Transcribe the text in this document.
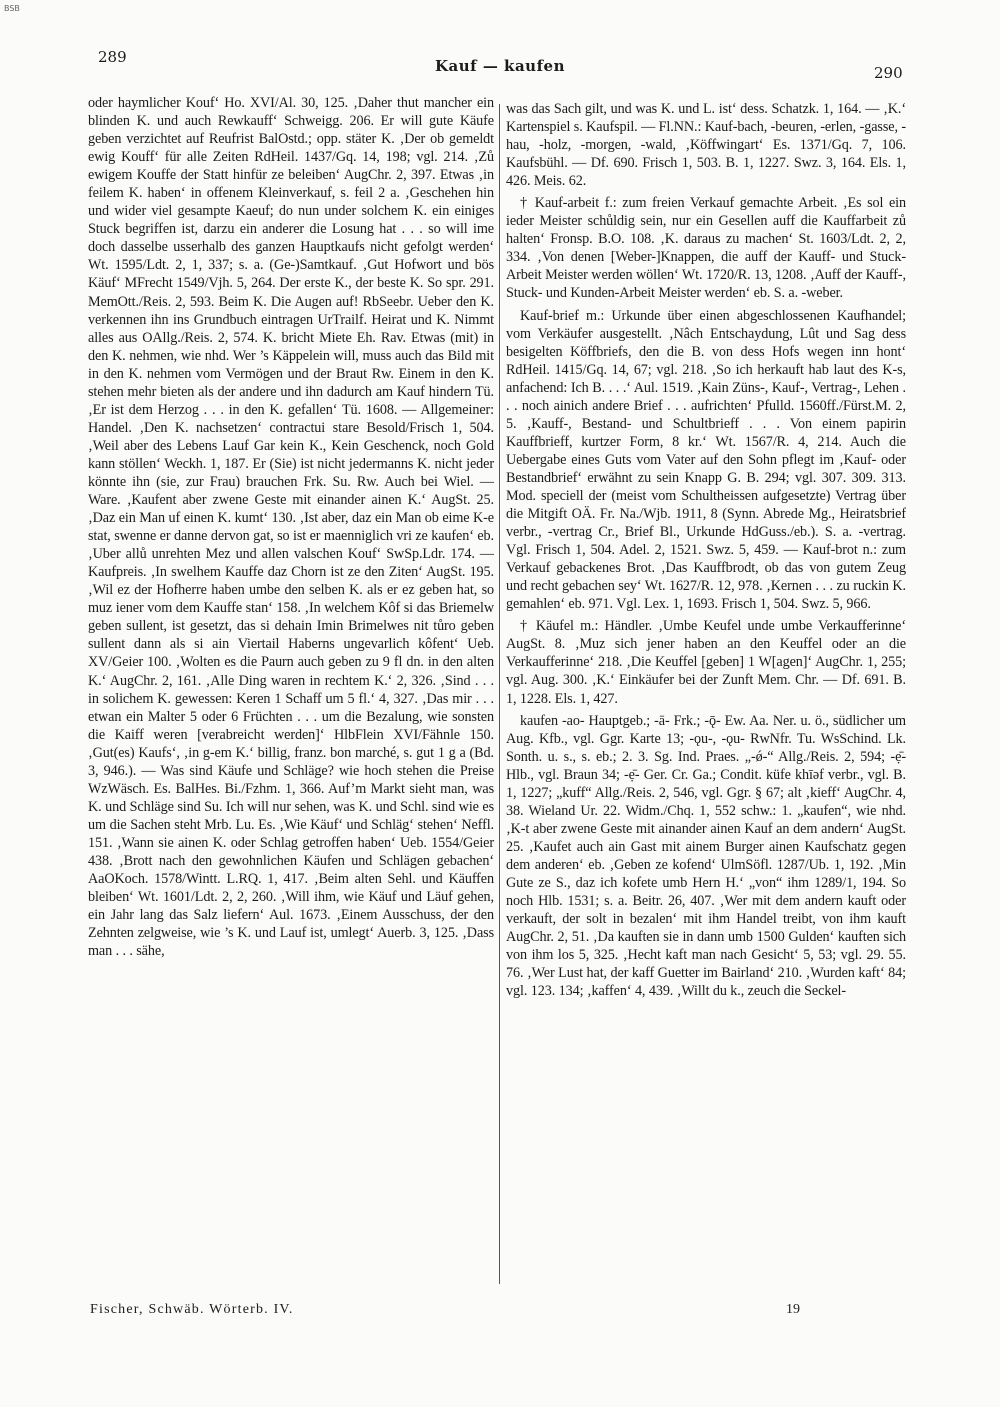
BSB
289	Kauf — kaufen	290

oder haymlicher Kouf‘ Ho. XVI/Al. 30, 125. ‚Daher thut mancher ein blinden K. und auch Rewkauff‘ Schweigg. 206. Er will gute Käufe geben verzichtet auf Reufrist BalOstd.; opp. stäter K. ‚Der ob gemeldt ewig Kouff‘ für alle Zeiten RdHeil. 1437/Gq. 14, 198; vgl. 214. ‚Zů ewigem Kouffe der Statt hinfür ze beleiben‘ AugChr. 2, 397. Etwas ‚in feilem K. haben‘ in offenem Kleinverkauf, s. feil 2 a. ‚Geschehen hin und wider viel gesampte Kaeuf; do nun under solchem K. ein einiges Stuck begriffen ist, darzu ein anderer die Losung hat . . . so will ime doch dasselbe usserhalb des ganzen Hauptkaufs nicht gefolgt werden‘ Wt. 1595/Ldt. 2, 1, 337; s. a. (Ge-)Samtkauf. ‚Gut Hofwort und bös Käuf‘ MFrecht 1549/Vjh. 5, 264. Der erste K., der beste K. So spr. 291. MemOtt./Reis. 2, 593. Beim K. Die Augen auf! RbSeebr. Ueber den K. verkennen ihn ins Grundbuch eintragen UrTrailf. Heirat und K. Nimmt alles aus OAllg./Reis. 2, 574. K. bricht Miete Eh. Rav. Etwas (mit) in den K. nehmen, wie nhd. Wer ’s Käppelein will, muss auch das Bild mit in den K. nehmen vom Vermögen und der Braut Rw. Einem in den K. stehen mehr bieten als der andere und ihn dadurch am Kauf hindern Tü. ‚Er ist dem Herzog . . . in den K. gefallen‘ Tü. 1608. — Allgemeiner: Handel. ‚Den K. nachsetzen‘ contractui stare Besold/Frisch 1, 504. ‚Weil aber des Lebens Lauf Gar kein K., Kein Geschenck, noch Gold kann stöllen‘ Weckh. 1, 187. Er (Sie) ist nicht jedermanns K. nicht jeder könnte ihn (sie, zur Frau) brauchen Frk. Su. Rw. Auch bei Wiel. — Ware. ‚Kaufent aber zwene Geste mit einander ainen K.‘ AugSt. 25. ‚Daz ein Man uf einen K. kumt‘ 130. ‚Ist aber, daz ein Man ob eime K-e stat, swenne er danne dervon gat, so ist er maenniglich vri ze kaufen‘ eb. ‚Uber allů unrehten Mez und allen valschen Kouf‘ SwSp.Ldr. 174. — Kaufpreis. ‚In swelhem Kauffe daz Chorn ist ze den Ziten‘ AugSt. 195. ‚Wil ez der Hofherre haben umbe den selben K. als er ez geben hat, so muz iener vom dem Kauffe stan‘ 158. ‚In welchem Kôf si das Briemelw geben sullent, ist gesetzt, das si dehain Imin Brimelwes nit tůro geben sullent dann als si ain Viertail Haberns ungevarlich kôfent‘ Ueb. XV/Geier 100. ‚Wolten es die Paurn auch geben zu 9 fl dn. in den alten K.‘ AugChr. 2, 161. ‚Alle Ding waren in rechtem K.‘ 2, 326. ‚Sind . . . in solichem K. gewessen: Keren 1 Schaff um 5 fl.‘ 4, 327. ‚Das mir . . . etwan ein Malter 5 oder 6 Früchten . . . um die Bezalung, wie sonsten die Kaiff weren [verabreicht werden]‘ HlbFlein XVI/Fähnle 150. ‚Gut(es) Kaufs‘, ‚in g-em K.‘ billig, franz. bon marché, s. gut 1 g a (Bd. 3, 946.). — Was sind Käufe und Schläge? wie hoch stehen die Preise WzWäsch. Es. BalHes. Bi./Fzhm. 1, 366. Auf’m Markt sieht man, was K. und Schläge sind Su. Ich will nur sehen, was K. und Schl. sind wie es um die Sachen steht Mrb. Lu. Es. ‚Wie Käuf‘ und Schläg‘ stehen‘ Neffl. 151. ‚Wann sie ainen K. oder Schlag getroffen haben‘ Ueb. 1554/Geier 438. ‚Brott nach den gewohnlichen Käufen und Schlägen gebachen‘ AaOKoch. 1578/Wintt. L.RQ. 1, 417. ‚Beim alten Sehl. und Käuffen bleiben‘ Wt. 1601/Ldt. 2, 2, 260. ‚Will ihm, wie Käuf und Läuf gehen, ein Jahr lang das Salz liefern‘ Aul. 1673. ‚Einem Ausschuss, der den Zehnten zelgweise, wie ’s K. und Lauf ist, umlegt‘ Auerb. 3, 125. ‚Dass man . . . sähe,

was das Sach gilt, und was K. und L. ist‘ dess. Schatzk. 1, 164. — ‚K.‘ Kartenspiel s. Kaufspil. — Fl.NN.: Kauf-bach, -beuren, -erlen, -gasse, -hau, -holz, -morgen, -wald, ‚Köffwingart‘ Es. 1371/Gq. 7, 106. Kaufsbühl. — Df. 690. Frisch 1, 503. B. 1, 1227. Swz. 3, 164. Els. 1, 426. Meis. 62.

† Kauf-arbeit f.: zum freien Verkauf gemachte Arbeit. ‚Es sol ein ieder Meister schůldig sein, nur ein Gesellen auff die Kauffarbeit zů halten‘ Fronsp. B.O. 108. ‚K. daraus zu machen‘ St. 1603/Ldt. 2, 2, 334. ‚Von denen [Weber-]Knappen, die auff der Kauff- und Stuck-Arbeit Meister werden wöllen‘ Wt. 1720/R. 13, 1208. ‚Auff der Kauff-, Stuck- und Kunden-Arbeit Meister werden‘ eb. S. a. -weber.

Kauf-brief m.: Urkunde über einen abgeschlossenen Kaufhandel; vom Verkäufer ausgestellt. ‚Nâch Entschaydung, Lût und Sag dess besigelten Köffbriefs, den die B. von dess Hofs wegen inn hont‘ RdHeil. 1415/Gq. 14, 67; vgl. 218. ‚So ich herkauft hab laut des K-s, anfachend: Ich B. . . .‘ Aul. 1519. ‚Kain Züns-, Kauf-, Vertrag-, Lehen . . . noch ainich andere Brief . . . aufrichten‘ Pfulld. 1560ff./Fürst.M. 2, 5. ‚Kauff-, Bestand- und Schultbrieff . . . Von einem papirin Kauffbrieff, kurtzer Form, 8 kr.‘ Wt. 1567/R. 4, 214. Auch die Uebergabe eines Guts vom Vater auf den Sohn pflegt im ‚Kauf- oder Bestandbrief‘ erwähnt zu sein Knapp G. B. 294; vgl. 307. 309. 313. Mod. speciell der (meist vom Schultheissen aufgesetzte) Vertrag über die Mitgift OÄ. Fr. Na./Wjb. 1911, 8 (Synn. Abrede Mg., Heiratsbrief verbr., -vertrag Cr., Brief Bl., Urkunde HdGuss./eb.). S. a. -vertrag. Vgl. Frisch 1, 504. Adel. 2, 1521. Swz. 5, 459. — Kauf-brot n.: zum Verkauf gebackenes Brot. ‚Das Kauffbrodt, ob das von gutem Zeug und recht gebachen sey‘ Wt. 1627/R. 12, 978. ‚Kernen . . . zu ruckin K. gemahlen‘ eb. 971. Vgl. Lex. 1, 1693. Frisch 1, 504. Swz. 5, 966.

† Käufel m.: Händler. ‚Umbe Keufel unde umbe Verkaufferinne‘ AugSt. 8. ‚Muz sich jener haben an den Keuffel oder an die Verkaufferinne‘ 218. ‚Die Keuffel [geben] 1 W[agen]‘ AugChr. 1, 255; vgl. Aug. 300. ‚K.‘ Einkäufer bei der Zunft Mem. Chr. — Df. 691. B. 1, 1228. Els. 1, 427.

kaufen -ao- Hauptgeb.; -ā- Frk.; -ǭ- Ew. Aa. Ner. u. ö., südlicher um Aug. Kfb., vgl. Ggr. Karte 13; -ǫu-, -ǫu- RwNfr. Tu. WsSchind. Lk. Sonth. u. s., s. eb.; 2. 3. Sg. Ind. Praes. „-ǿ-“ Allg./Reis. 2, 594; -ẹ̄- Hlb., vgl. Braun 34; -ẹ̄- Ger. Cr. Ga.; Condit. küfe khīəf verbr., vgl. B. 1, 1227; „kuff“ Allg./Reis. 2, 546, vgl. Ggr. § 67; alt ‚kieff‘ AugChr. 4, 38. Wieland Ur. 22. Widm./Chq. 1, 552 schw.: 1. „kaufen“, wie nhd. ‚K-t aber zwene Geste mit ainander ainen Kauf an dem andern‘ AugSt. 25. ‚Kaufet auch ain Gast mit ainem Burger ainen Kaufschatz gegen dem anderen‘ eb. ‚Geben ze kofend‘ UlmSöfl. 1287/Ub. 1, 192. ‚Min Gute ze S., daz ich kofete umb Hern H.‘ „von“ ihm 1289/1, 194. So noch Hlb. 1531; s. a. Beitr. 26, 407. ‚Wer mit dem andern kauft oder verkauft, der solt in bezalen‘ mit ihm Handel treibt, von ihm kauft AugChr. 2, 51. ‚Da kauften sie in dann umb 1500 Gulden‘ kauften sich von ihm los 5, 325. ‚Hecht kaft man nach Gesicht‘ 5, 53; vgl. 29. 55. 76. ‚Wer Lust hat, der kaff Guetter im Bairland‘ 210. ‚Wurden kaft‘ 84; vgl. 123. 134; ‚kaffen‘ 4, 439. ‚Willt du k., zeuch die Seckel-

Fischer, Schwäb. Wörterb. IV.	19
